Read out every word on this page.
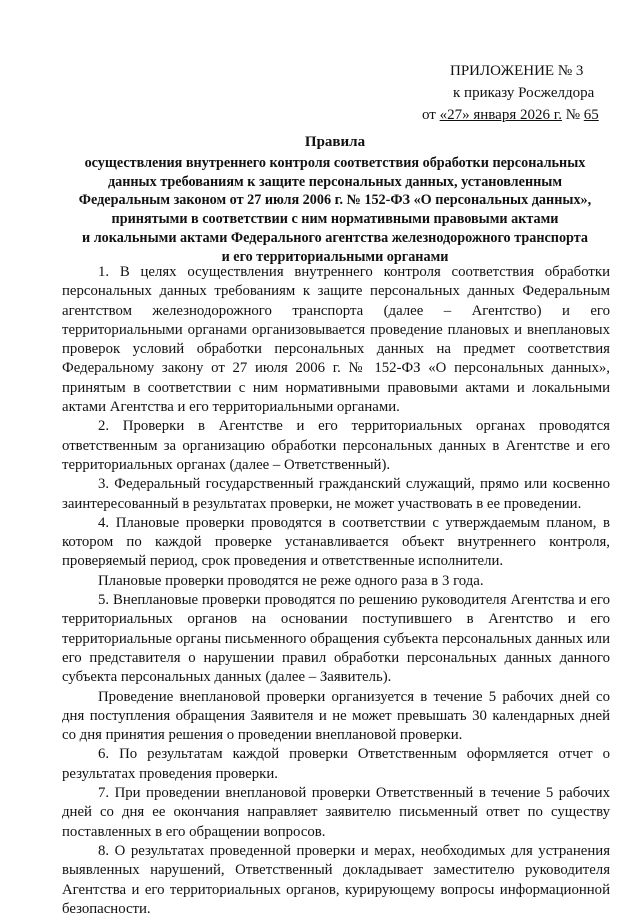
ПРИЛОЖЕНИЕ № 3
к приказу Росжелдора
от «27» января 2026 г. № 65
Правила
осуществления внутреннего контроля соответствия обработки персональных
данных требованиям к защите персональных данных, установленным
Федеральным законом от 27 июля 2006 г. № 152-ФЗ «О персональных данных»,
принятыми в соответствии с ним нормативными правовыми актами
и локальными актами Федерального агентства железнодорожного транспорта
и его территориальными органами

1. В целях осуществления внутреннего контроля соответствия обработки персональных данных требованиям к защите персональных данных Федеральным агентством железнодорожного транспорта (далее – Агентство) и его территориальными органами организовывается проведение плановых и внеплановых проверок условий обработки персональных данных на предмет соответствия Федеральному закону от 27 июля 2006 г. № 152-ФЗ «О персональных данных», принятым в соответствии с ним нормативными правовыми актами и локальными актами Агентства и его территориальными органами.

2. Проверки в Агентстве и его территориальных органах проводятся ответственным за организацию обработки персональных данных в Агентстве и его территориальных органах (далее – Ответственный).

3. Федеральный государственный гражданский служащий, прямо или косвенно заинтересованный в результатах проверки, не может участвовать в ее проведении.

4. Плановые проверки проводятся в соответствии с утверждаемым планом, в котором по каждой проверке устанавливается объект внутреннего контроля, проверяемый период, срок проведения и ответственные исполнители.

Плановые проверки проводятся не реже одного раза в 3 года.

5. Внеплановые проверки проводятся по решению руководителя Агентства и его территориальных органов на основании поступившего в Агентство и его территориальные органы письменного обращения субъекта персональных данных или его представителя о нарушении правил обработки персональных данных данного субъекта персональных данных (далее – Заявитель).

Проведение внеплановой проверки организуется в течение 5 рабочих дней со дня поступления обращения Заявителя и не может превышать 30 календарных дней со дня принятия решения о проведении внеплановой проверки.

6. По результатам каждой проверки Ответственным оформляется отчет о результатах проведения проверки.

7. При проведении внеплановой проверки Ответственный в течение 5 рабочих дней со дня ее окончания направляет заявителю письменный ответ по существу поставленных в его обращении вопросов.

8. О результатах проведенной проверки и мерах, необходимых для устранения выявленных нарушений, Ответственный докладывает заместителю руководителя Агентства и его территориальных органов, курирующему вопросы информационной безопасности.
